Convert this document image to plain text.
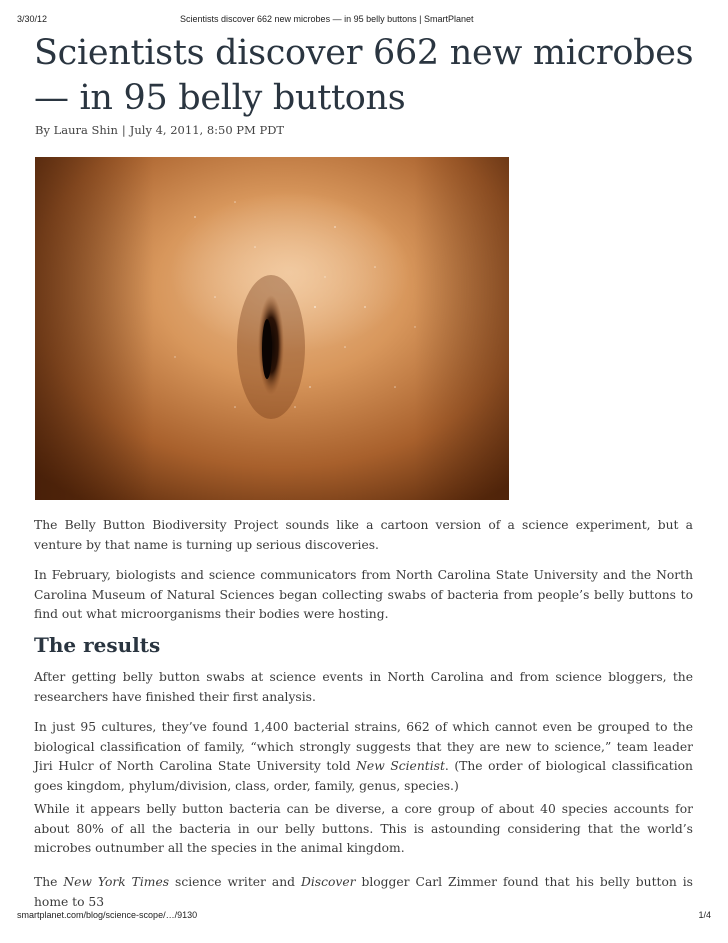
3/30/12	Scientists discover 662 new microbes — in 95 belly buttons | SmartPlanet
Scientists discover 662 new microbes — in 95 belly buttons

By Laura Shin | July 4, 2011, 8:50 PM PDT

The Belly Button Biodiversity Project sounds like a cartoon version of a science experiment, but a venture by that name is turning up serious discoveries.

In February, biologists and science communicators from North Carolina State University and the North Carolina Museum of Natural Sciences began collecting swabs of bacteria from people’s belly buttons to find out what microorganisms their bodies were hosting.

The results

After getting belly button swabs at science events in North Carolina and from science bloggers, the researchers have finished their first analysis.

In just 95 cultures, they’ve found 1,400 bacterial strains, 662 of which cannot even be grouped to the biological classification of family, “which strongly suggests that they are new to science,” team leader Jiri Hulcr of North Carolina State University told New Scientist. (The order of biological classification goes kingdom, phylum/division, class, order, family, genus, species.)

While it appears belly button bacteria can be diverse, a core group of about 40 species accounts for about 80% of all the bacteria in our belly buttons. This is astounding considering that the world’s microbes outnumber all the species in the animal kingdom.

The New York Times science writer and Discover blogger Carl Zimmer found that his belly button is home to 53

smartplanet.com/blog/science-scope/…/9130	1/4
